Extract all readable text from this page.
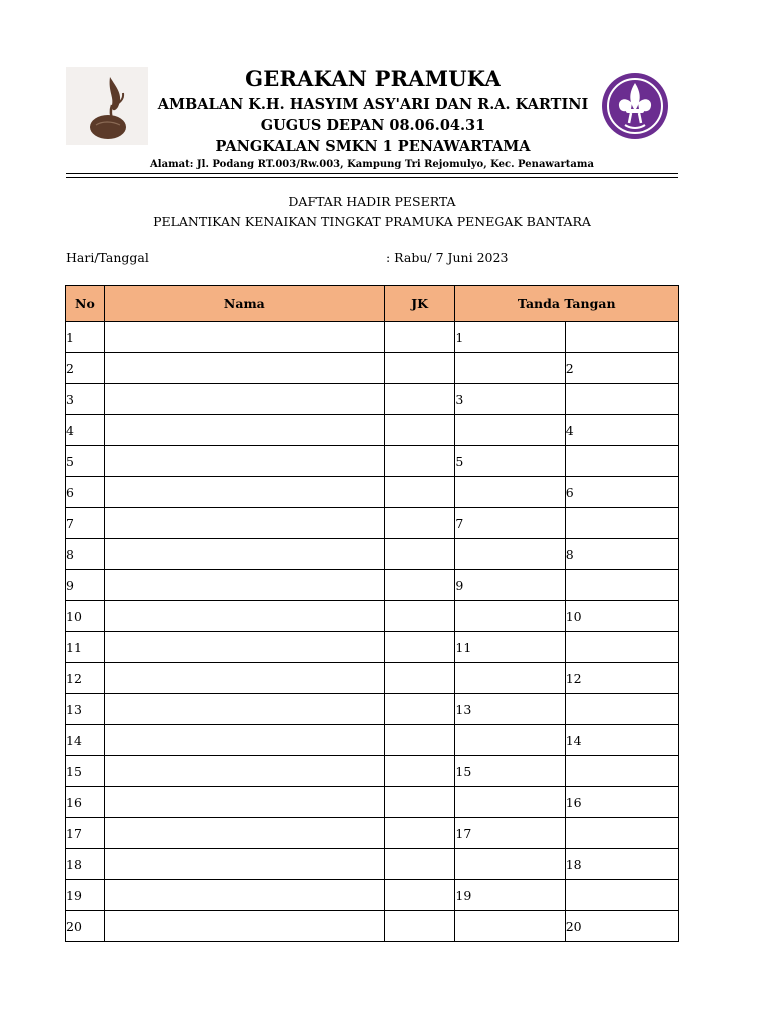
GERAKAN PRAMUKA
AMBALAN K.H. HASYIM ASY'ARI DAN R.A. KARTINI
GUGUS DEPAN 08.06.04.31
PANGKALAN SMKN 1 PENAWARTAMA
Alamat: Jl. Podang RT.003/Rw.003, Kampung Tri Rejomulyo, Kec. Penawartama
DAFTAR HADIR PESERTA
PELANTIKAN KENAIKAN TINGKAT PRAMUKA PENEGAK BANTARA
Hari/Tanggal	: Rabu/ 7 Juni 2023
No	Nama	JK	Tanda Tangan	
1			1	
2				2
3			3	
4				4
5			5	
6				6
7			7	
8				8
9			9	
10				10
11			11	
12				12
13			13	
14				14
15			15	
16				16
17			17	
18				18
19			19	
20				20
